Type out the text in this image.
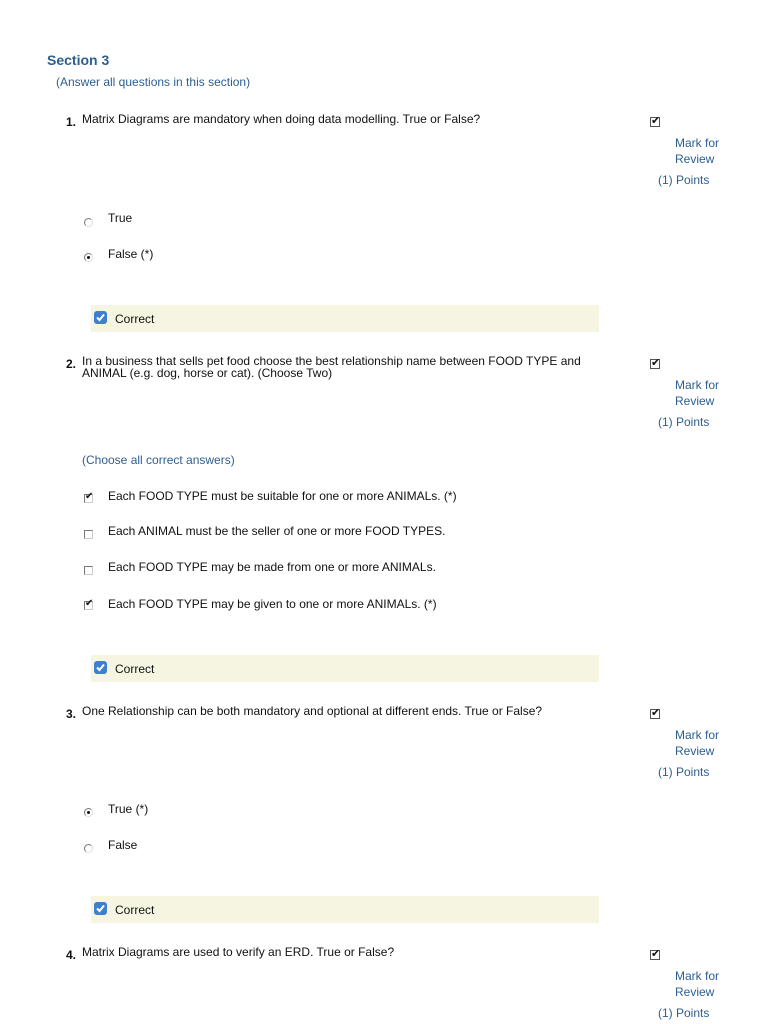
Section 3
(Answer all questions in this section)
1. Matrix Diagrams are mandatory when doing data modelling. True or False?	✔
Mark for Review
(1) Points
True
False (*)
Correct
2. In a business that sells pet food choose the best relationship name between FOOD TYPE and ANIMAL (e.g. dog, horse or cat). (Choose Two)
✔
Mark for Review
(1) Points
(Choose all correct answers)
✔ Each FOOD TYPE must be suitable for one or more ANIMALs. (*)
Each ANIMAL must be the seller of one or more FOOD TYPES.
Each FOOD TYPE may be made from one or more ANIMALs.
✔ Each FOOD TYPE may be given to one or more ANIMALs. (*)
Correct
3. One Relationship can be both mandatory and optional at different ends. True or False?	✔
Mark for Review
(1) Points
True (*)
False
Correct
4. Matrix Diagrams are used to verify an ERD. True or False?	✔
Mark for Review
(1) Points
